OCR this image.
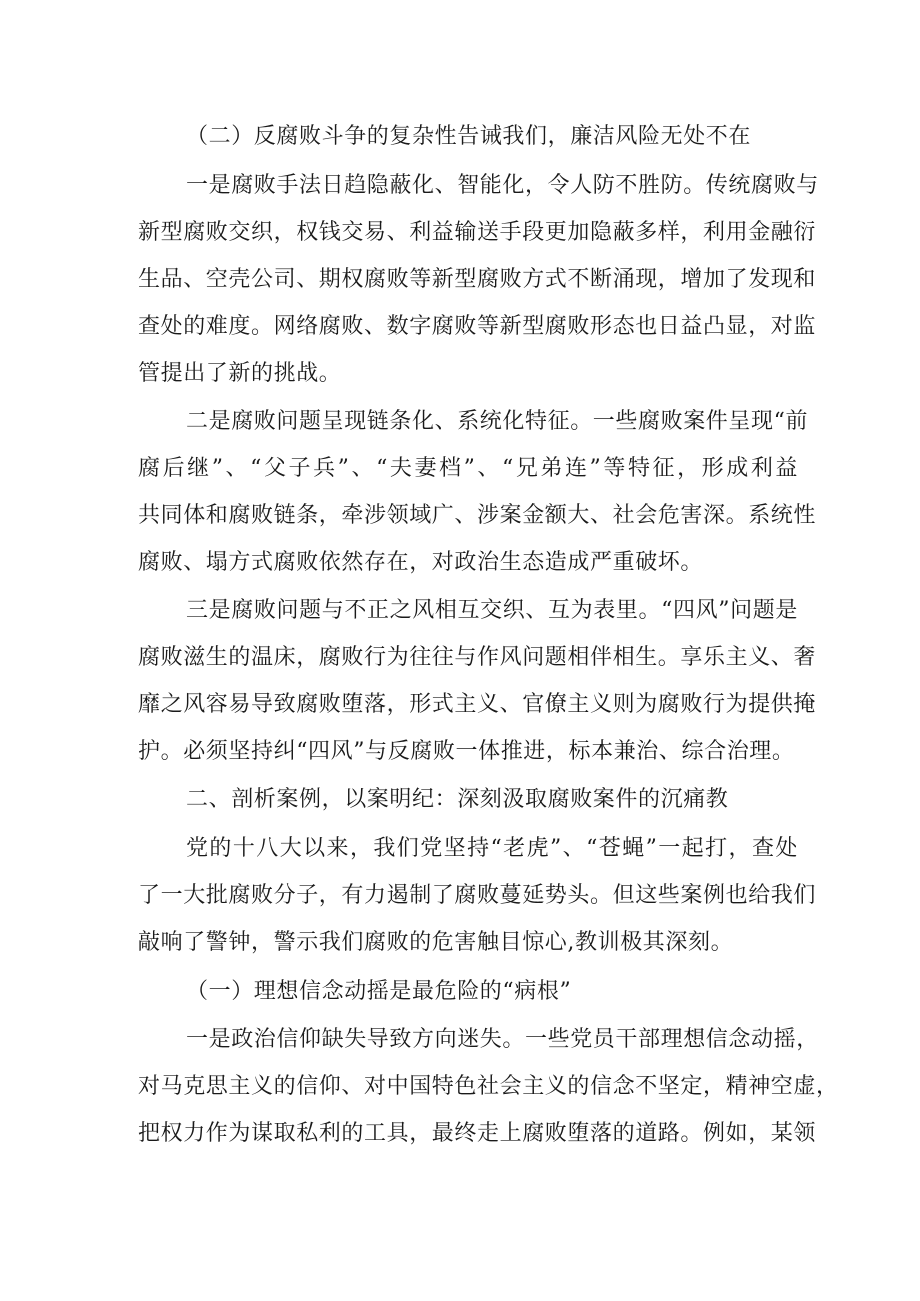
（二）反腐败斗争的复杂性告诫我们，廉洁风险无处不在
一是腐败手法日趋隐蔽化、智能化，令人防不胜防。传统腐败与
新型腐败交织，权钱交易、利益输送手段更加隐蔽多样，利用金融衍
生品、空壳公司、期权腐败等新型腐败方式不断涌现，增加了发现和
查处的难度。网络腐败、数字腐败等新型腐败形态也日益凸显，对监
管提出了新的挑战。
二是腐败问题呈现链条化、系统化特征。一些腐败案件呈现“前
腐后继”、“父子兵”、“夫妻档”、“兄弟连”等特征，形成利益
共同体和腐败链条，牵涉领域广、涉案金额大、社会危害深。系统性
腐败、塌方式腐败依然存在，对政治生态造成严重破坏。
三是腐败问题与不正之风相互交织、互为表里。“四风”问题是
腐败滋生的温床，腐败行为往往与作风问题相伴相生。享乐主义、奢
靡之风容易导致腐败堕落，形式主义、官僚主义则为腐败行为提供掩
护。必须坚持纠“四风”与反腐败一体推进，标本兼治、综合治理。
二、剖析案例，以案明纪：深刻汲取腐败案件的沉痛教
党的十八大以来，我们党坚持“老虎”、“苍蝇”一起打，查处
了一大批腐败分子，有力遏制了腐败蔓延势头。但这些案例也给我们
敲响了警钟，警示我们腐败的危害触目惊心,教训极其深刻。
（一）理想信念动摇是最危险的“病根”
一是政治信仰缺失导致方向迷失。一些党员干部理想信念动摇，
对马克思主义的信仰、对中国特色社会主义的信念不坚定，精神空虚，
把权力作为谋取私利的工具，最终走上腐败堕落的道路。例如，某领
